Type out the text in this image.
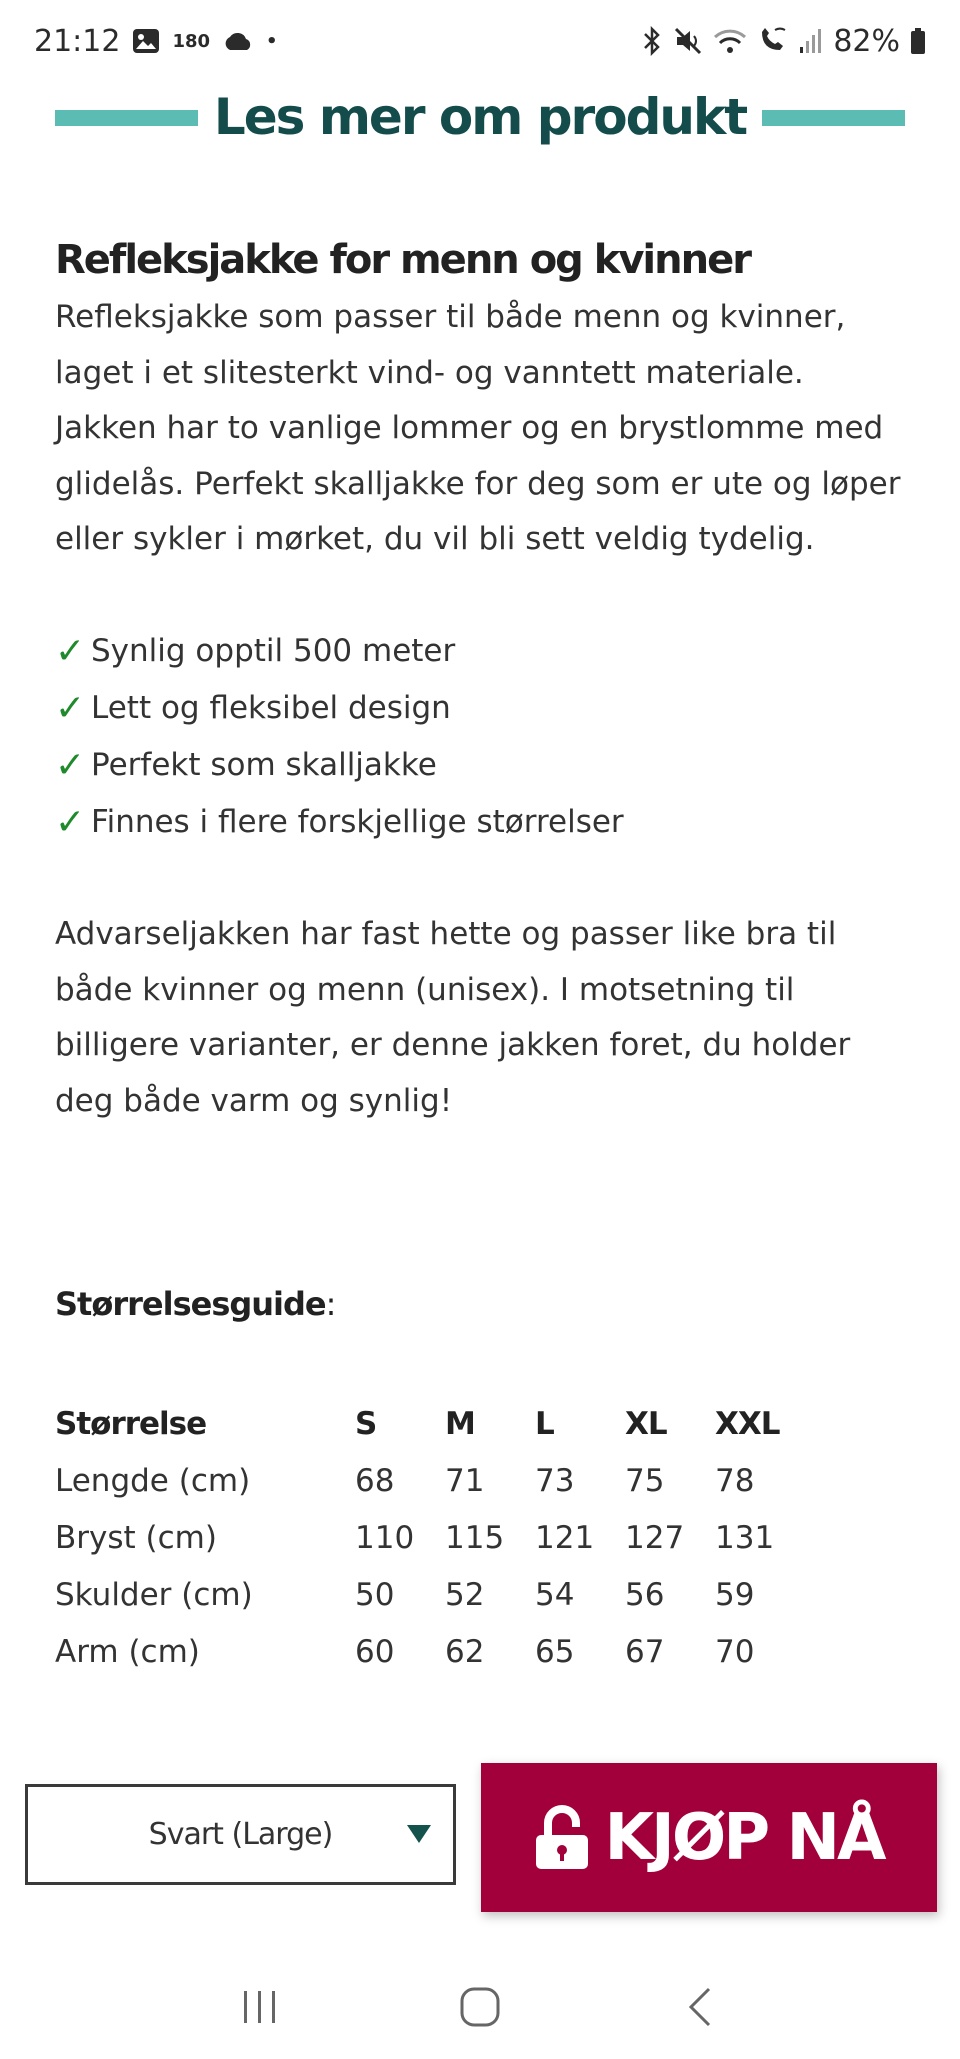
21:12	180	•	82%
Les mer om produkt
Refleksjakke for menn og kvinner

Refleksjakke som passer til både menn og kvinner, laget i et slitesterkt vind- og vanntett materiale. Jakken har to vanlige lommer og en brystlomme med glidelås. Perfekt skalljakke for deg som er ute og løper eller sykler i mørket, du vil bli sett veldig tydelig.

✓ Synlig opptil 500 meter
✓ Lett og fleksibel design
✓ Perfekt som skalljakke
✓ Finnes i flere forskjellige størrelser

Advarseljakken har fast hette og passer like bra til både kvinner og menn (unisex). I motsetning til billigere varianter, er denne jakken foret, du holder deg både varm og synlig!

Størrelsesguide:
Størrelse	S	M	L	XL	XXL
Lengde (cm)	68	71	73	75	78
Bryst (cm)	110	115	121	127	131
Skulder (cm)	50	52	54	56	59
Arm (cm)	60	62	65	67	70
Svart (Large)	KJØP NÅ
